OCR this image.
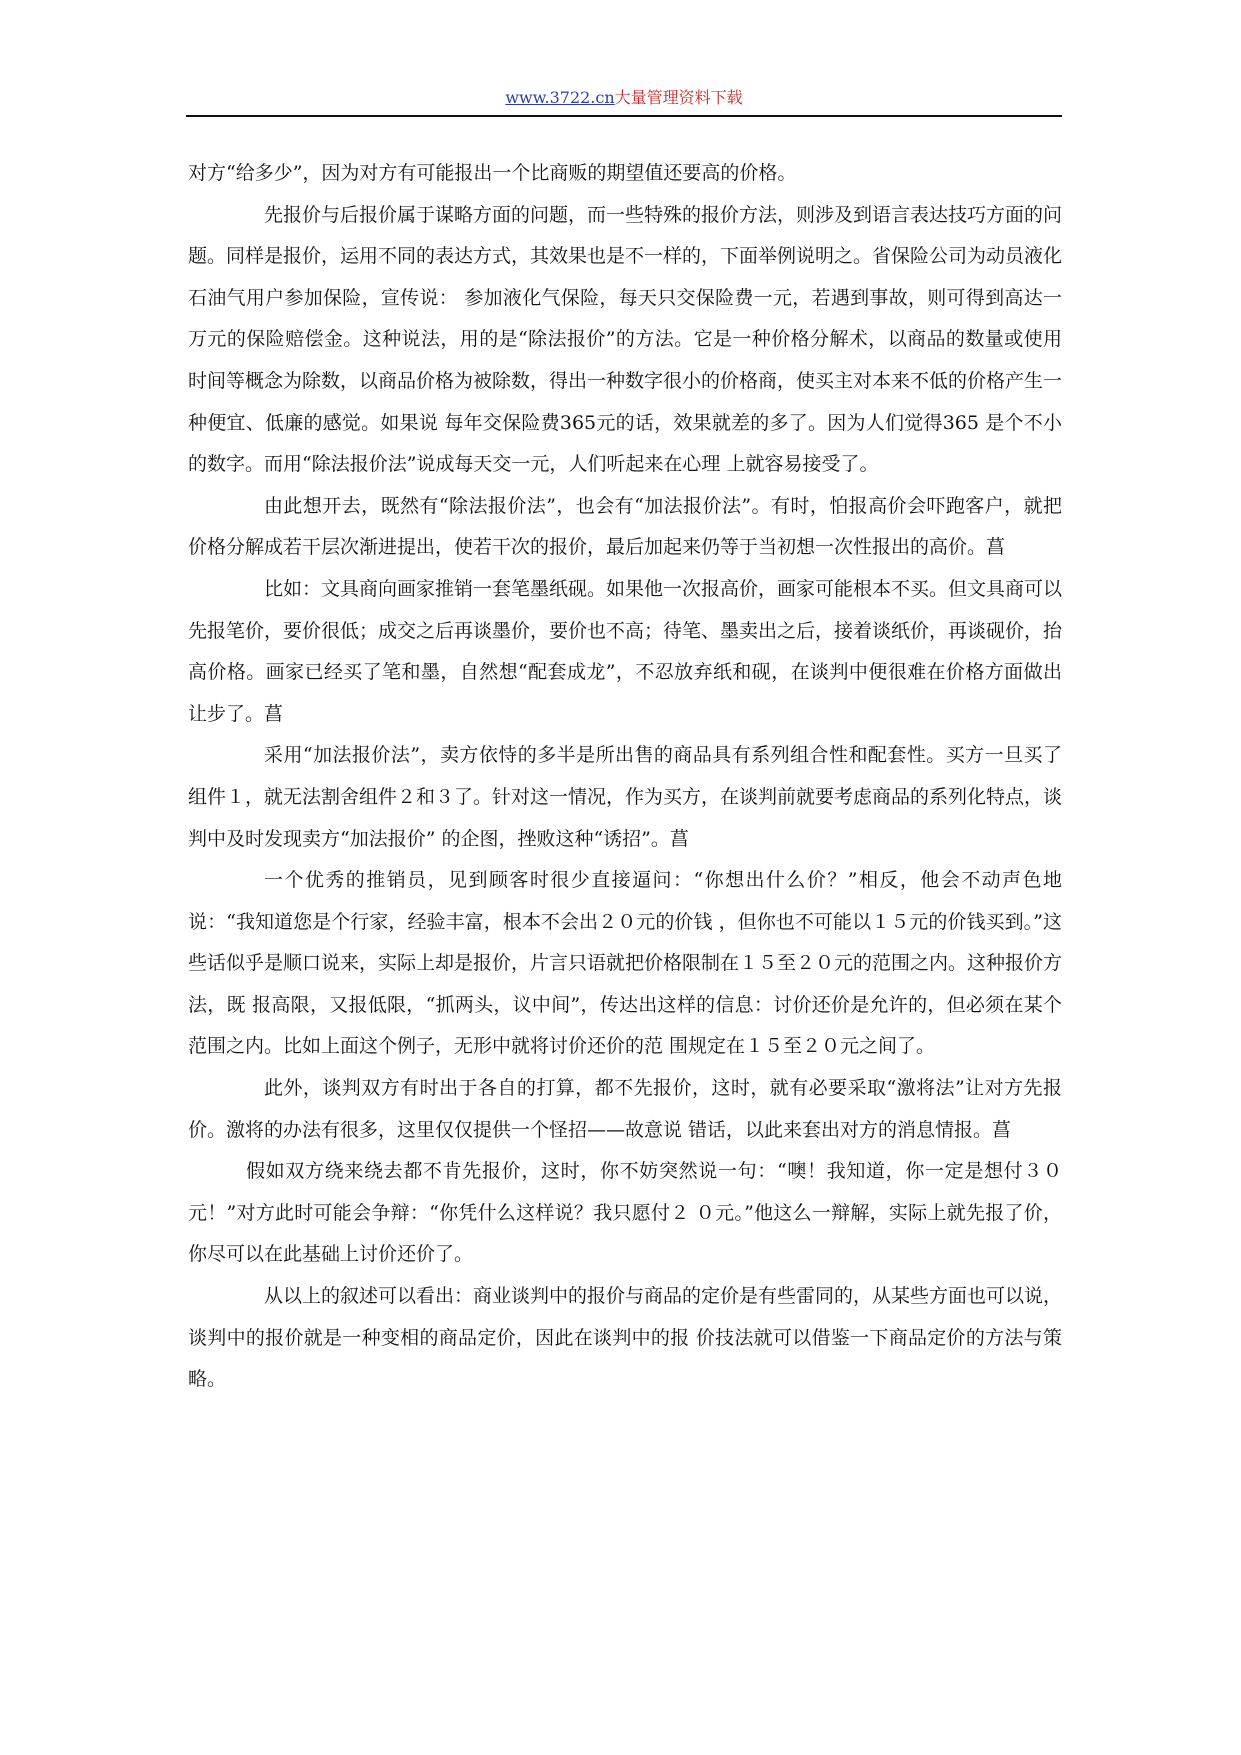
www.3722.cn大量管理资料下载

对方“给多少”，因为对方有可能报出一个比商贩的期望值还要高的价格。

先报价与后报价属于谋略方面的问题，而一些特殊的报价方法，则涉及到语言表达技巧方面的问题。同样是报价，运用不同的表达方式，其效果也是不一样的，下面举例说明之。省保险公司为动员液化石油气用户参加保险，宣传说： 参加液化气保险，每天只交保险费一元，若遇到事故，则可得到高达一万元的保险赔偿金。这种说法，用的是“除法报价”的方法。它是一种价格分解术，以商品的数量或使用时间等概念为除数，以商品价格为被除数，得出一种数字很小的价格商，使买主对本来不低的价格产生一种便宜、低廉的感觉。如果说 每年交保险费365元的话，效果就差的多了。因为人们觉得365 是个不小的数字。而用“除法报价法”说成每天交一元，人们听起来在心理 上就容易接受了。

由此想开去，既然有“除法报价法”，也会有“加法报价法”。有时，怕报高价会吓跑客户，就把价格分解成若干层次渐进提出，使若干次的报价，最后加起来仍等于当初想一次性报出的高价。菖

比如：文具商向画家推销一套笔墨纸砚。如果他一次报高价，画家可能根本不买。但文具商可以先报笔价，要价很低；成交之后再谈墨价，要价也不高；待笔、墨卖出之后，接着谈纸价，再谈砚价，抬高价格。画家已经买了笔和墨，自然想“配套成龙”，不忍放弃纸和砚，在谈判中便很难在价格方面做出让步了。菖

采用“加法报价法”，卖方依恃的多半是所出售的商品具有系列组合性和配套性。买方一旦买了组件１，就无法割舍组件２和３了。针对这一情况，作为买方，在谈判前就要考虑商品的系列化特点，谈判中及时发现卖方“加法报价” 的企图，挫败这种“诱招”。菖

一个优秀的推销员，见到顾客时很少直接逼问：“你想出什么价？”相反，他会不动声色地说：“我知道您是个行家，经验丰富，根本不会出２０元的价钱 ，但你也不可能以１５元的价钱买到。”这些话似乎是顺口说来，实际上却是报价，片言只语就把价格限制在１５至２０元的范围之内。这种报价方法，既 报高限，又报低限，“抓两头，议中间”，传达出这样的信息：讨价还价是允许的，但必须在某个范围之内。比如上面这个例子，无形中就将讨价还价的范 围规定在１５至２０元之间了。

此外，谈判双方有时出于各自的打算，都不先报价，这时，就有必要采取“激将法”让对方先报价。激将的办法有很多，这里仅仅提供一个怪招——故意说 错话，以此来套出对方的消息情报。菖

假如双方绕来绕去都不肯先报价，这时，你不妨突然说一句：“噢！我知道，你一定是想付３０元！”对方此时可能会争辩：“你凭什么这样说？我只愿付２ ０元。”他这么一辩解，实际上就先报了价，你尽可以在此基础上讨价还价了。

从以上的叙述可以看出：商业谈判中的报价与商品的定价是有些雷同的，从某些方面也可以说，谈判中的报价就是一种变相的商品定价，因此在谈判中的报 价技法就可以借鉴一下商品定价的方法与策略。
